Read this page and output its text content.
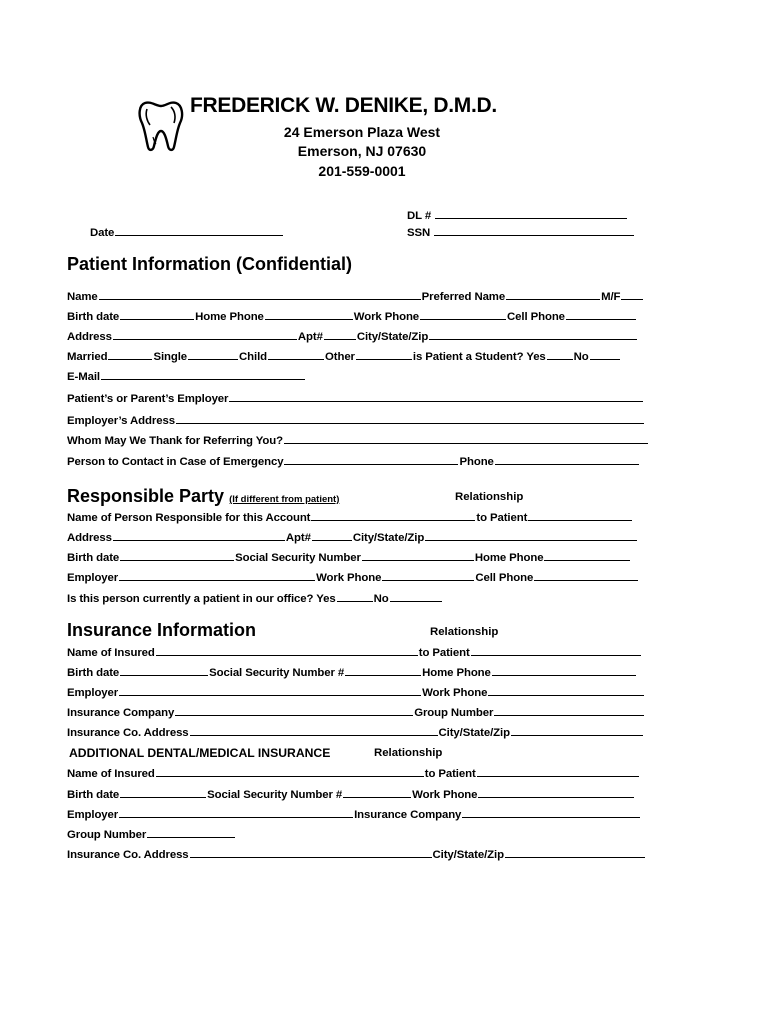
FREDERICK W. DENIKE, D.M.D.
24 Emerson Plaza West
Emerson, NJ 07630
201-559-0001
DL #
SSN
Date
Patient Information (Confidential)
Name	Preferred Name	M/F
Birth date	Home Phone	Work Phone	Cell Phone
Address	Apt#	City/State/Zip
Married	Single	Child	Other	is Patient a Student? Yes No
E-Mail
Patient’s or Parent’s Employer
Employer’s Address
Whom May We Thank for Referring You?
Person to Contact in Case of Emergency	Phone
Responsible Party (If different from patient)	Relationship
Name of Person Responsible for this Account	to Patient
Address	Apt#	City/State/Zip
Birth date	Social Security Number	Home Phone
Employer	Work Phone	Cell Phone
Is this person currently a patient in our office? Yes	No
Insurance Information	Relationship
Name of Insured	to Patient
Birth date	Social Security Number #	Home Phone
Employer	Work Phone
Insurance Company	Group Number
Insurance Co. Address	City/State/Zip
ADDITIONAL DENTAL/MEDICAL INSURANCE	Relationship
Name of Insured	to Patient
Birth date	Social Security Number #	Work Phone
Employer	Insurance Company
Group Number
Insurance Co. Address	City/State/Zip
